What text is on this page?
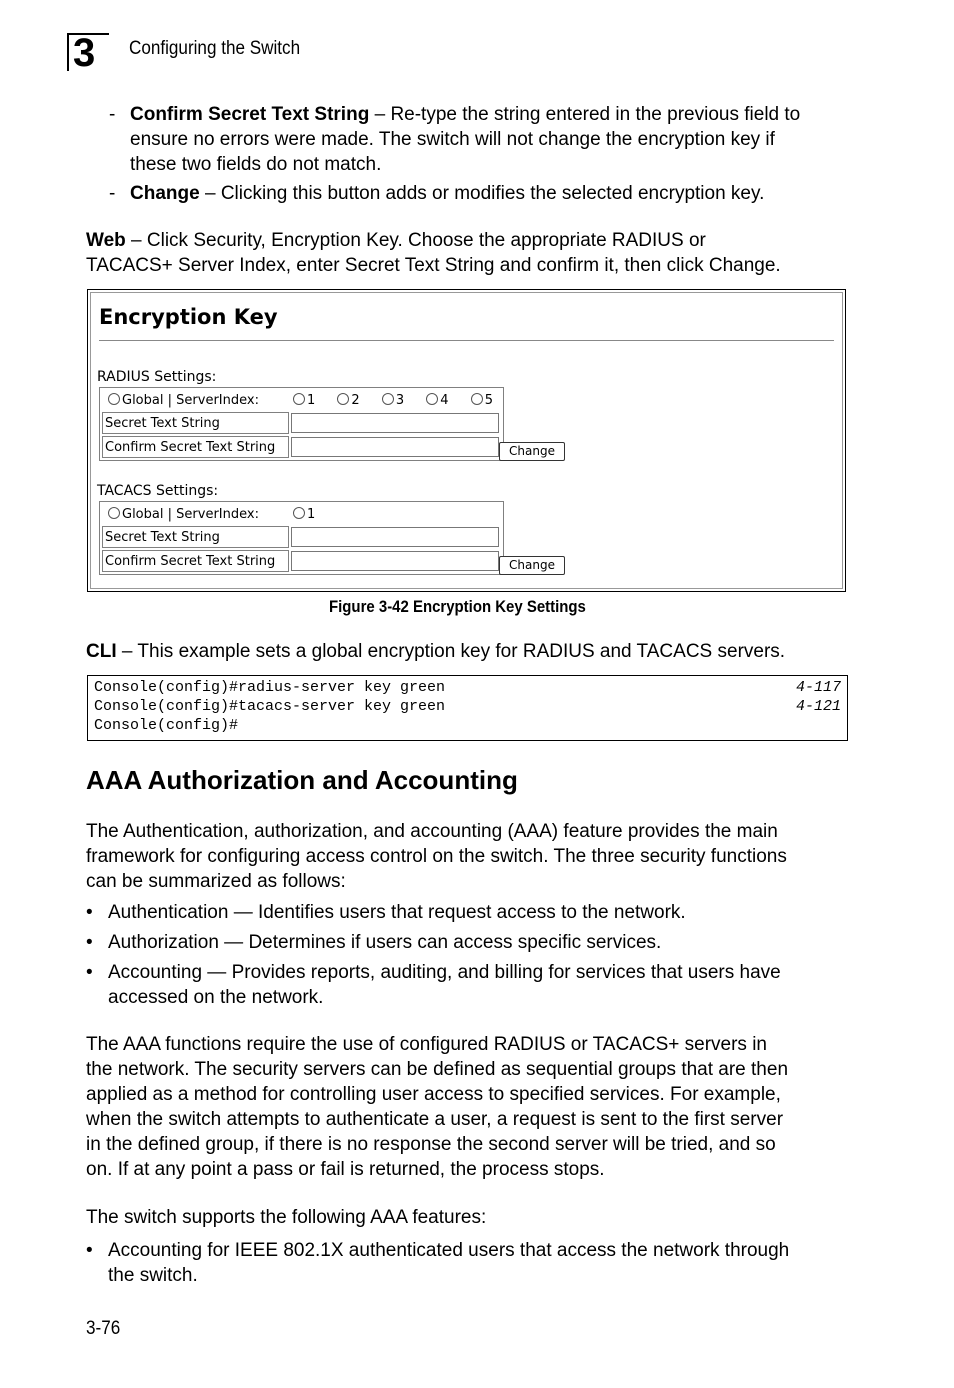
3	Configuring the Switch
- Confirm Secret Text String – Re-type the string entered in the previous field to
ensure no errors were made. The switch will not change the encryption key if
these two fields do not match.
- Change – Clicking this button adds or modifies the selected encryption key.
Web – Click Security, Encryption Key. Choose the appropriate RADIUS or
TACACS+ Server Index, enter Secret Text String and confirm it, then click Change.
Encryption Key
RADIUS Settings:
Global | ServerIndex:	1 2 3 4 5
Secret Text String	
Confirm Secret Text String		Change
TACACS Settings:
Global | ServerIndex:	1
Secret Text String	
Confirm Secret Text String		Change
Figure 3-42 Encryption Key Settings
CLI – This example sets a global encryption key for RADIUS and TACACS servers.
Console(config)#radius-server key green	4-117
Console(config)#tacacs-server key green	4-121
Console(config)#
AAA Authorization and Accounting
The Authentication, authorization, and accounting (AAA) feature provides the main
framework for configuring access control on the switch. The three security functions
can be summarized as follows:
• Authentication — Identifies users that request access to the network.
• Authorization — Determines if users can access specific services.
• Accounting — Provides reports, auditing, and billing for services that users have
accessed on the network.
The AAA functions require the use of configured RADIUS or TACACS+ servers in
the network. The security servers can be defined as sequential groups that are then
applied as a method for controlling user access to specified services. For example,
when the switch attempts to authenticate a user, a request is sent to the first server
in the defined group, if there is no response the second server will be tried, and so
on. If at any point a pass or fail is returned, the process stops.
The switch supports the following AAA features:
• Accounting for IEEE 802.1X authenticated users that access the network through
the switch.
3-76
